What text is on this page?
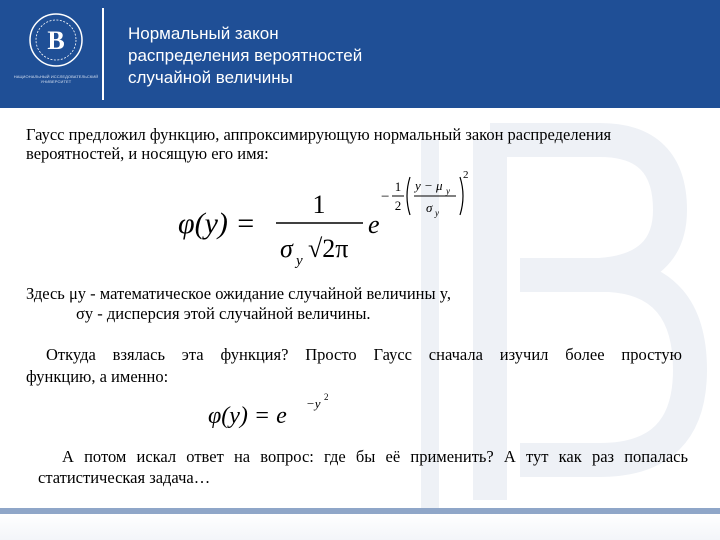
B
НАЦИОНАЛЬНЫЙ ИССЛЕДОВАТЕЛЬСКИЙ УНИВЕРСИТЕТ
Нормальный закон
распределения вероятностей
случайной величины
Гаусс предложил функцию, аппроксимирующую нормальный закон распределения
вероятностей, и носящую его имя:
φ(y) =
1
σ y √2π
e
−
1
2
y − μ y
σ y
2
Здесь μy - математическое ожидание случайной величины y,
σy - дисперсия этой случайной величины.
Откуда взялась эта функция? Просто Гаусс сначала изучил более простую
функцию, а именно:
φ(y) = e −y 2
А потом искал ответ на вопрос: где бы её применить? А тут как раз попалась
статистическая задача…
